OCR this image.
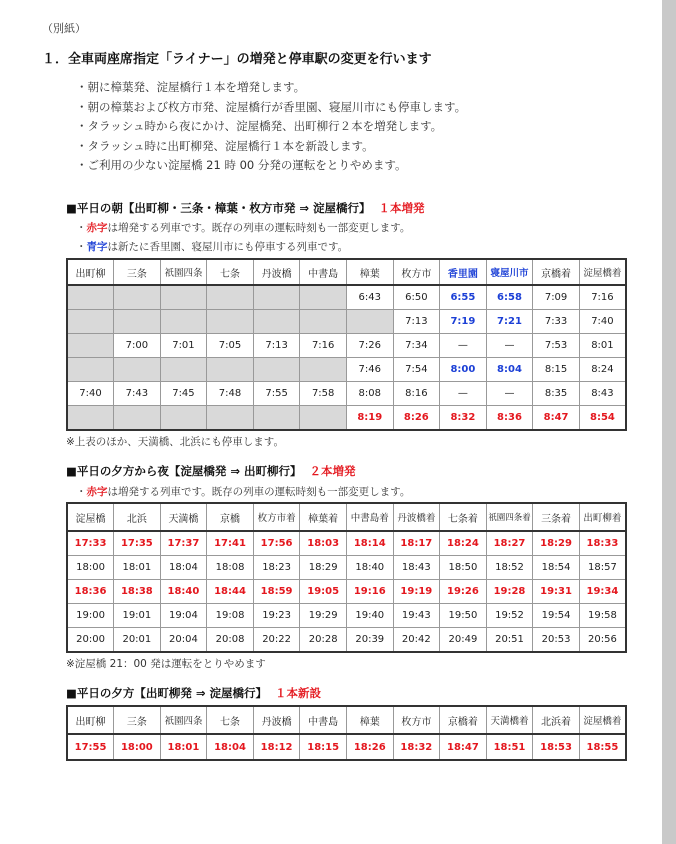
（別紙）
１．全車両座席指定「ライナー」の増発と停車駅の変更を行います
・朝に樟葉発、淀屋橋行１本を増発します。
・朝の樟葉および枚方市発、淀屋橋行が香里園、寝屋川市にも停車します。
・タラッシュ時から夜にかけ、淀屋橋発、出町柳行２本を増発します。
・タラッシュ時に出町柳発、淀屋橋行１本を新設します。
・ご利用の少ない淀屋橋 21 時 00 分発の運転をとりやめます。
■平日の朝【出町柳・三条・樟葉・枚方市発 ⇒ 淀屋橋行】 １本増発
・赤字は増発する列車です。既存の列車の運転時刻も一部変更します。
・青字は新たに香里園、寝屋川市にも停車する列車です。
出町柳	三条	祇園四条	七条	丹波橋	中書島	樟葉	枚方市	香里園	寝屋川市	京橋着	淀屋橋着
						6:43	6:50	6:55	6:58	7:09	7:16
							7:13	7:19	7:21	7:33	7:40
	7:00	7:01	7:05	7:13	7:16	7:26	7:34	—	—	7:53	8:01
						7:46	7:54	8:00	8:04	8:15	8:24
7:40	7:43	7:45	7:48	7:55	7:58	8:08	8:16	—	—	8:35	8:43
						8:19	8:26	8:32	8:36	8:47	8:54
※上表のほか、天満橋、北浜にも停車します。
■平日の夕方から夜【淀屋橋発 ⇒ 出町柳行】 ２本増発
・赤字は増発する列車です。既存の列車の運転時刻も一部変更します。
淀屋橋	北浜	天満橋	京橋	枚方市着	樟葉着	中書島着	丹波橋着	七条着	祇園四条着	三条着	出町柳着
17:33	17:35	17:37	17:41	17:56	18:03	18:14	18:17	18:24	18:27	18:29	18:33
18:00	18:01	18:04	18:08	18:23	18:29	18:40	18:43	18:50	18:52	18:54	18:57
18:36	18:38	18:40	18:44	18:59	19:05	19:16	19:19	19:26	19:28	19:31	19:34
19:00	19:01	19:04	19:08	19:23	19:29	19:40	19:43	19:50	19:52	19:54	19:58
20:00	20:01	20:04	20:08	20:22	20:28	20:39	20:42	20:49	20:51	20:53	20:56
※淀屋橋 21：00 発は運転をとりやめます
■平日の夕方【出町柳発 ⇒ 淀屋橋行】 １本新設
出町柳	三条	祇園四条	七条	丹波橋	中書島	樟葉	枚方市	京橋着	天満橋着	北浜着	淀屋橋着
17:55	18:00	18:01	18:04	18:12	18:15	18:26	18:32	18:47	18:51	18:53	18:55
